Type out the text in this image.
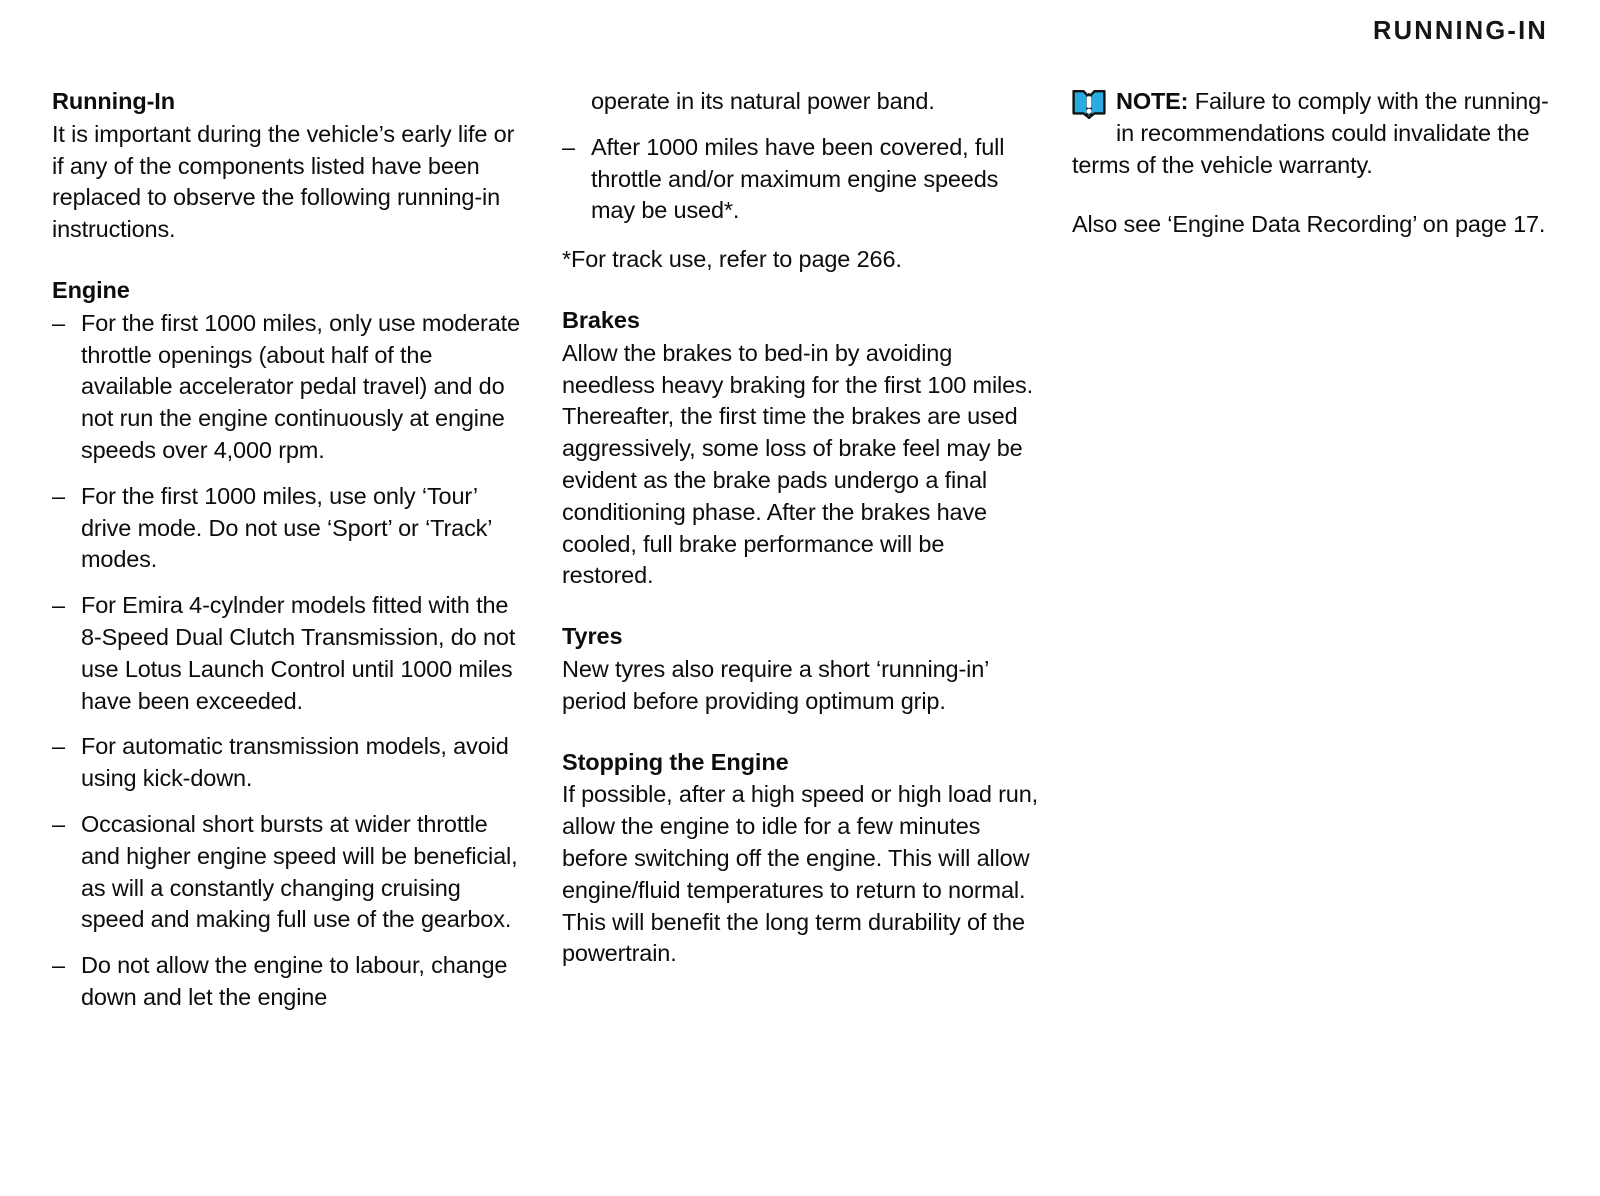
RUNNING-IN
Running-In

It is important during the vehicle’s early life or if any of the components listed have been replaced to observe the following running-in instructions.

Engine
– For the first 1000 miles, only use moderate throttle openings (about half of the available accelerator pedal travel) and do not run the engine continuously at engine speeds over 4,000 rpm.
– For the first 1000 miles, use only ‘Tour’ drive mode. Do not use ‘Sport’ or ‘Track’ modes.
– For Emira 4-cylnder models fitted with the 8-Speed Dual Clutch Transmission, do not use Lotus Launch Control until 1000 miles have been exceeded.
– For automatic transmission models, avoid using kick-down.
– Occasional short bursts at wider throttle and higher engine speed will be beneficial, as will a constantly changing cruising speed and making full use of the gearbox.
– Do not allow the engine to labour, change down and let the engine

operate in its natural power band.

– After 1000 miles have been covered, full throttle and/or maximum engine speeds may be used*.

*For track use, refer to page 266.

Brakes

Allow the brakes to bed-in by avoiding needless heavy braking for the first 100 miles. Thereafter, the first time the brakes are used aggressively, some loss of brake feel may be evident as the brake pads undergo a final conditioning phase. After the brakes have cooled, full brake performance will be restored.

Tyres

New tyres also require a short ‘running-in’ period before providing optimum grip.

Stopping the Engine

If possible, after a high speed or high load run, allow the engine to idle for a few minutes before switching off the engine. This will allow engine/fluid temperatures to return to normal. This will benefit the long term durability of the powertrain.

NOTE: Failure to comply with the running-in recommendations could invalidate the terms of the vehicle warranty.

Also see ‘Engine Data Recording’ on page 17.
